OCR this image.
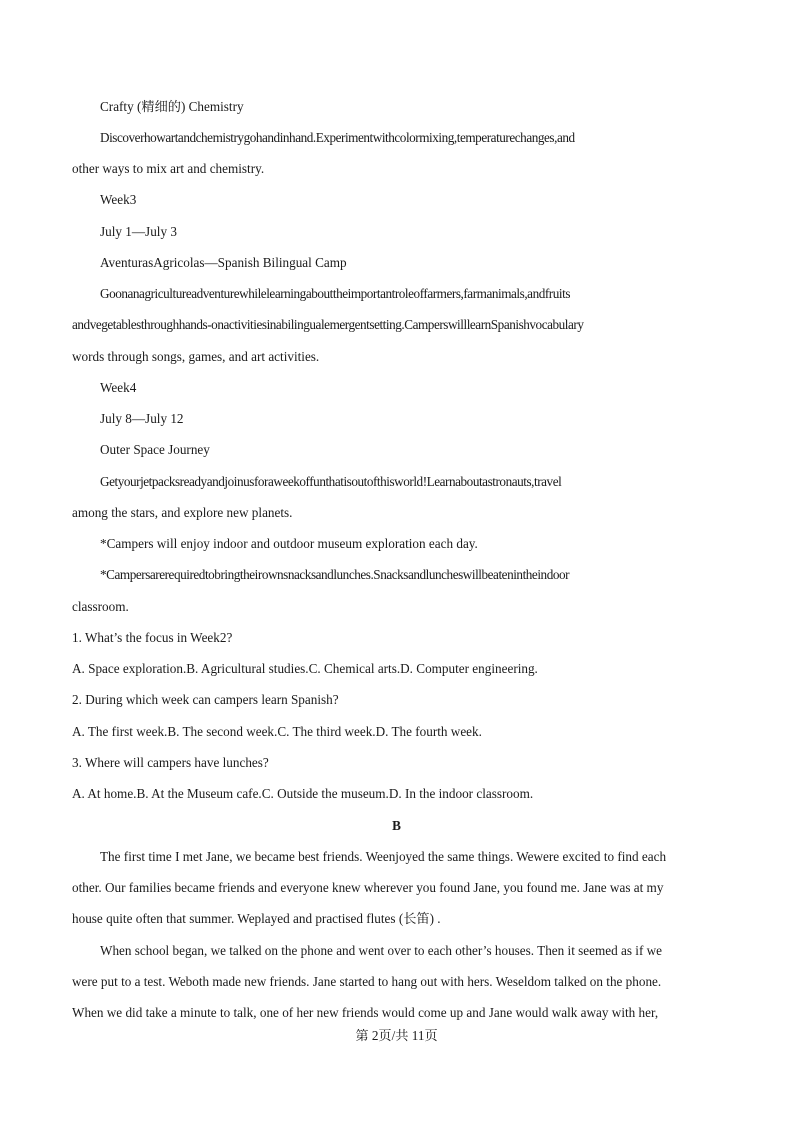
Crafty (精细的) Chemistry
Discoverhowartandchemistrygohandinhand.Experimentwithcolormixing,temperaturechanges,and
other ways to mix art and chemistry.
Week3
July 1—July 3
AventurasAgricolas—Spanish Bilingual Camp
Goonanagricultureadventurewhilelearningabouttheimportantroleoffarmers,farmanimals,andfruits
andvegetablesthroughhands-onactivitiesinabilingualemergentsetting.CamperswilllearnSpanishvocabulary
words through songs, games, and art activities.
Week4
July 8—July 12
Outer Space Journey
Getyourjetpacksreadyandjoinusforaweekoffunthatisoutofthisworld!Learnaboutastronauts,travel
among the stars, and explore new planets.
*Campers will enjoy indoor and outdoor museum exploration each day.
*Campersarerequiredtobringtheirownsnacksandlunches.Snacksandluncheswillbeatenintheindoor
classroom.
1. What’s the focus in Week2?
A. Space exploration.B. Agricultural studies.C. Chemical arts.D. Computer engineering.
2. During which week can campers learn Spanish?
A. The first week.B. The second week.C. The third week.D. The fourth week.
3. Where will campers have lunches?
A. At home.B. At the Museum cafe.C. Outside the museum.D. In the indoor classroom.
B
The first time I met Jane, we became best friends. Weenjoyed the same things. Wewere excited to find each
other. Our families became friends and everyone knew wherever you found Jane, you found me. Jane was at my
house quite often that summer. Weplayed and practised flutes (长笛) .
When school began, we talked on the phone and went over to each other’s houses. Then it seemed as if we
were put to a test. Weboth made new friends. Jane started to hang out with hers. Weseldom talked on the phone.
When we did take a minute to talk, one of her new friends would come up and Jane would walk away with her,
第 2页/共 11页
